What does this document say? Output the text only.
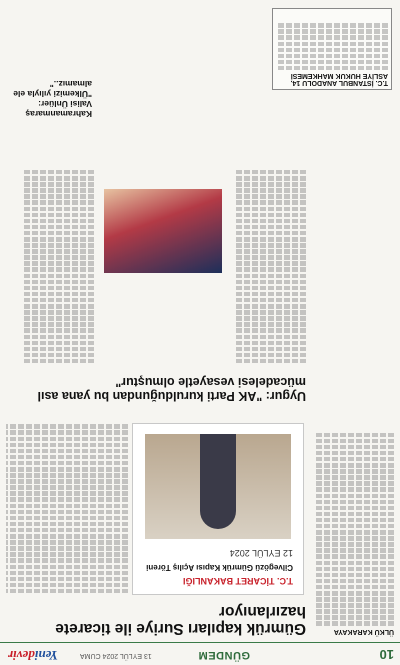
10
13 EYLÜL 2024 CUMA	GÜNDEM
Yenidevir
ÜLKÜ KARAKAYA
Gümrük kapıları Suriye ile ticarete hazırlanıyor
T.C. TİCARET BAKANLIĞI
Cilvegözü Gümrük Kapısı Açılış Töreni
12 EYLÜL 2024
Uygur: "AK Parti kurulduğundan bu yana asıl mücadelesi vesayetle olmuştur"
Kahramanmaraş Valisi Ünlüer: "Ülkemizi yılıyla ele almamız.."	T.C. İSTANBUL ANADOLU 14. ASLİYE HUKUK MAHKEMESİ
